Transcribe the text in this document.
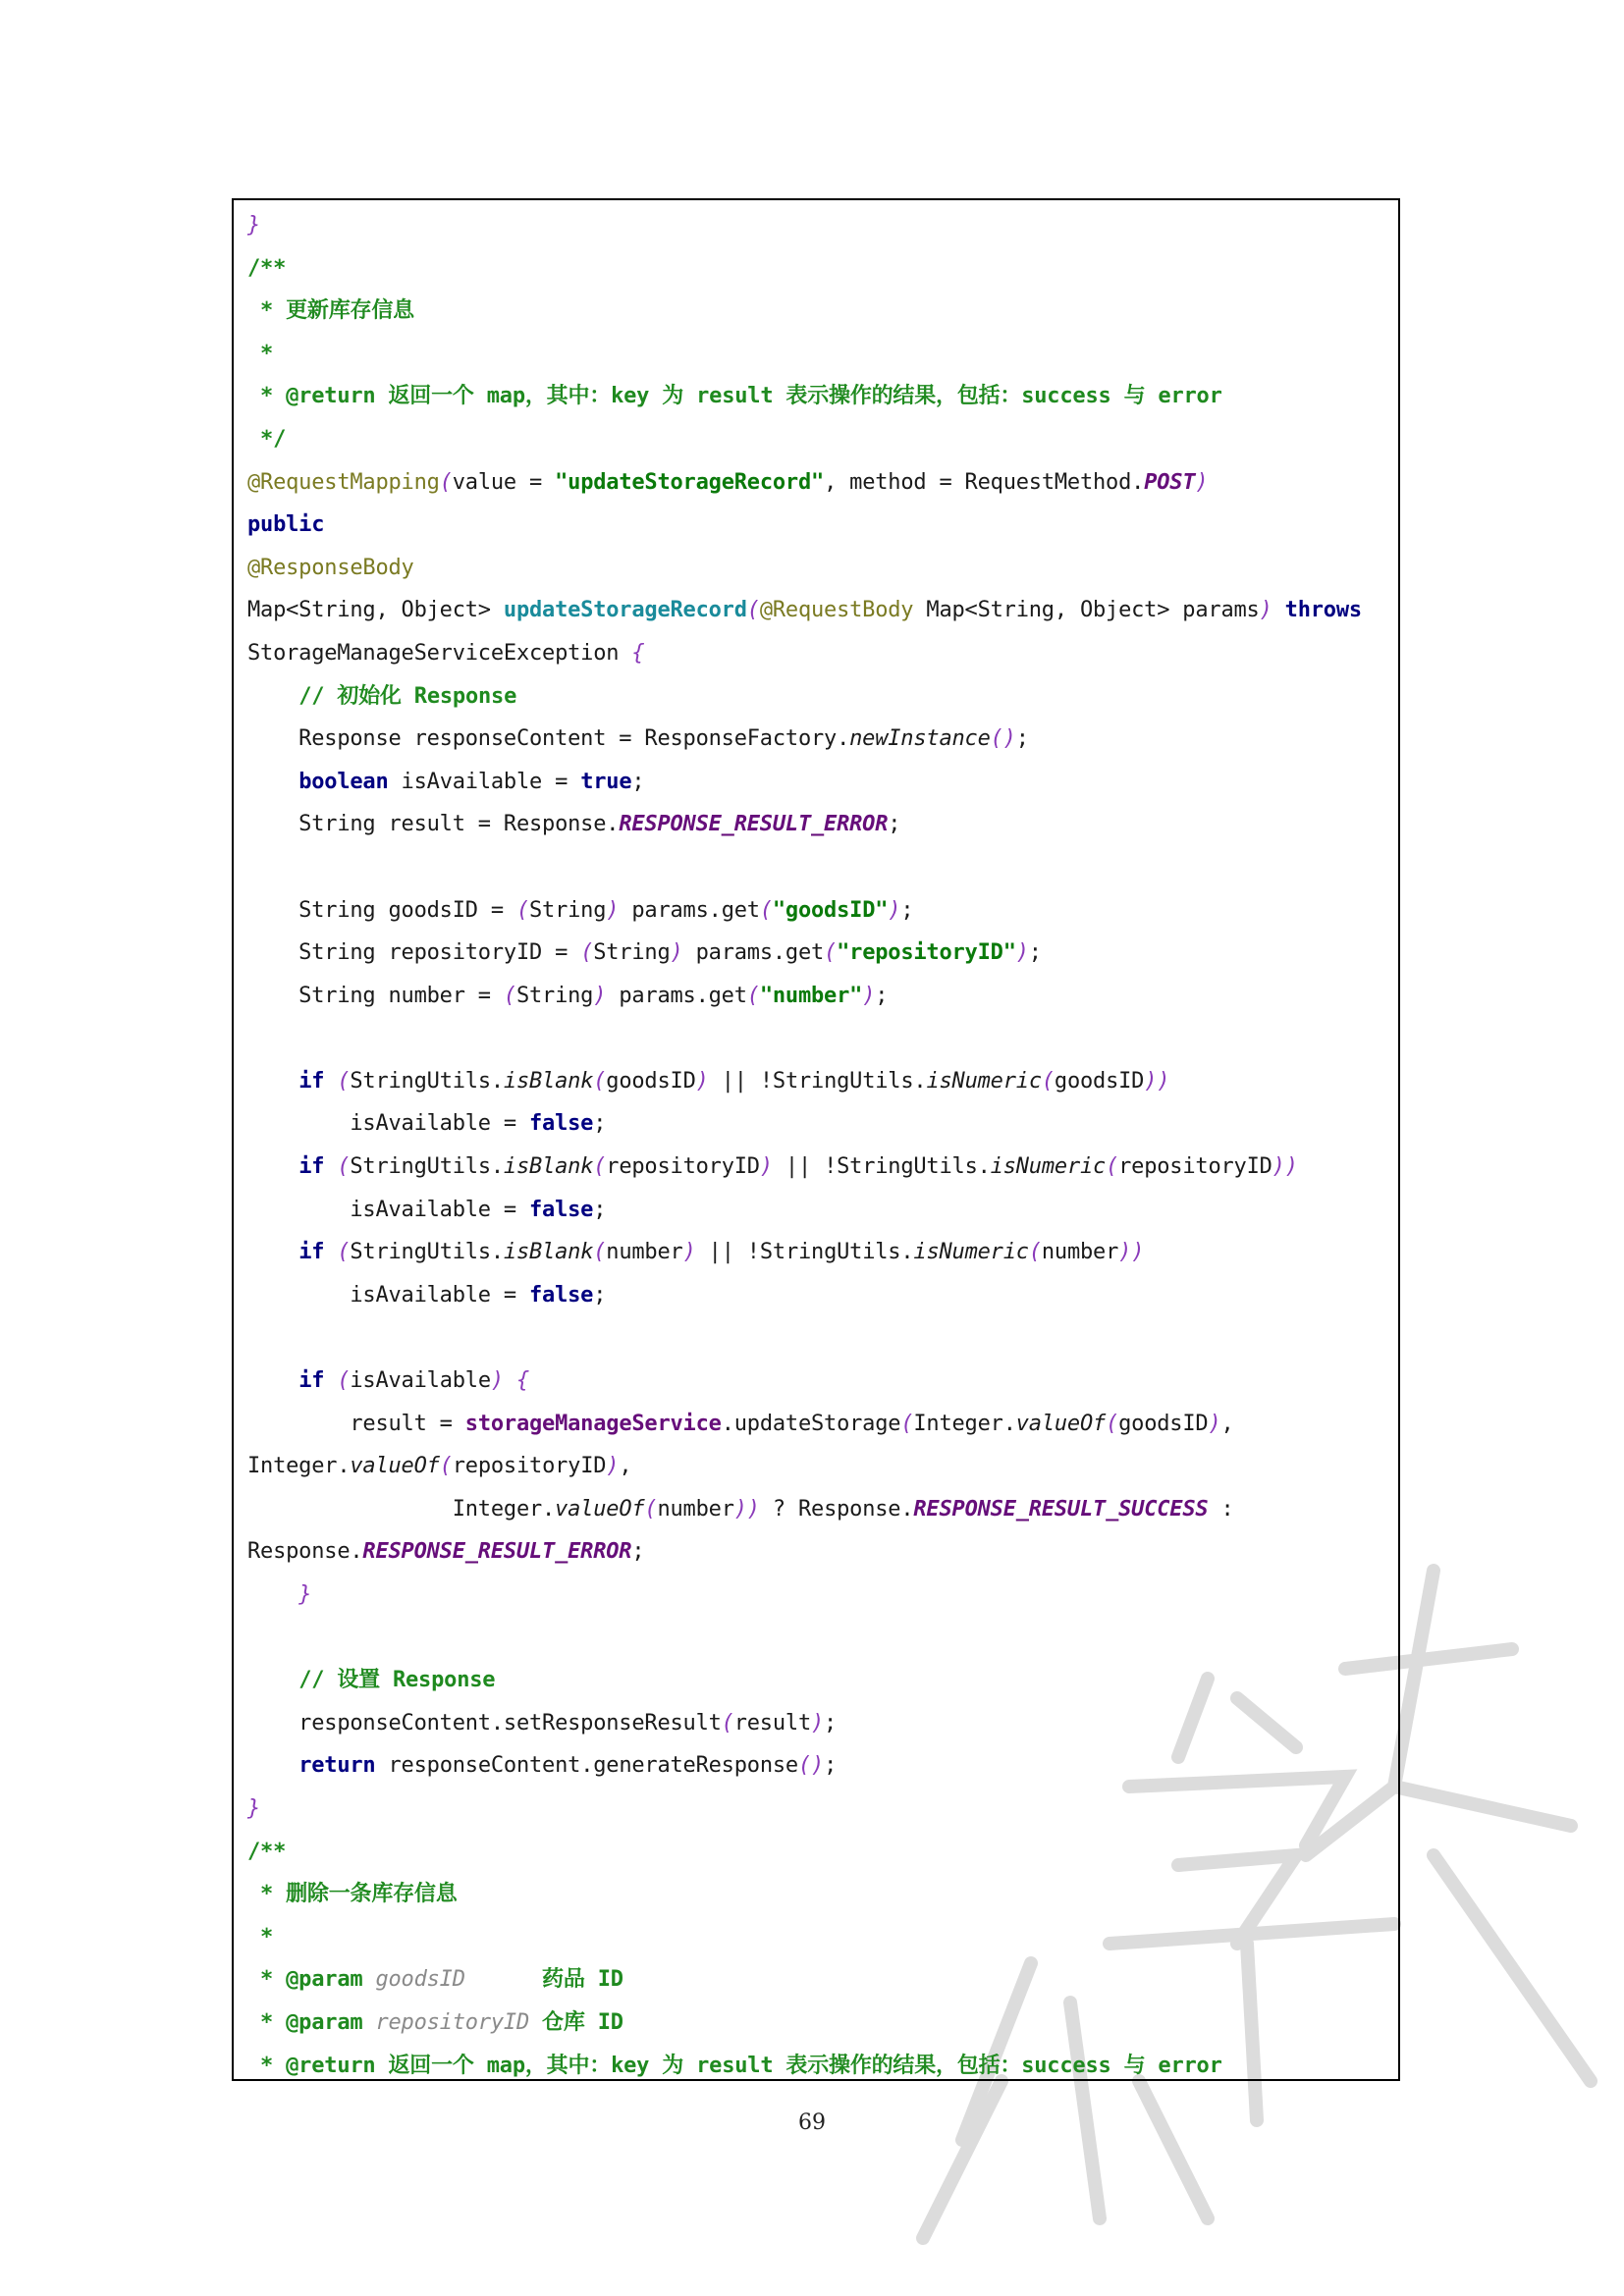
}
/**
* 更新库存信息
*
* @return 返回一个 map，其中：key 为 result 表示操作的结果，包括：success 与 error
*/
@RequestMapping(value = "updateStorageRecord", method = RequestMethod.POST)
public
@ResponseBody
Map<String, Object> updateStorageRecord(@RequestBody Map<String, Object> params) throws
StorageManageServiceException {
// 初始化 Response
Response responseContent = ResponseFactory.newInstance();
boolean isAvailable = true;
String result = Response.RESPONSE_RESULT_ERROR;

String goodsID = (String) params.get("goodsID");
String repositoryID = (String) params.get("repositoryID");
String number = (String) params.get("number");

if (StringUtils.isBlank(goodsID) || !StringUtils.isNumeric(goodsID))
isAvailable = false;
if (StringUtils.isBlank(repositoryID) || !StringUtils.isNumeric(repositoryID))
isAvailable = false;
if (StringUtils.isBlank(number) || !StringUtils.isNumeric(number))
isAvailable = false;

if (isAvailable) {
result = storageManageService.updateStorage(Integer.valueOf(goodsID),
Integer.valueOf(repositoryID),
Integer.valueOf(number)) ? Response.RESPONSE_RESULT_SUCCESS :
Response.RESPONSE_RESULT_ERROR;
}

// 设置 Response
responseContent.setResponseResult(result);
return responseContent.generateResponse();
}
/**
* 删除一条库存信息
*
* @param goodsID      药品 ID
* @param repositoryID 仓库 ID
* @return 返回一个 map，其中：key 为 result 表示操作的结果，包括：success 与 error
69
